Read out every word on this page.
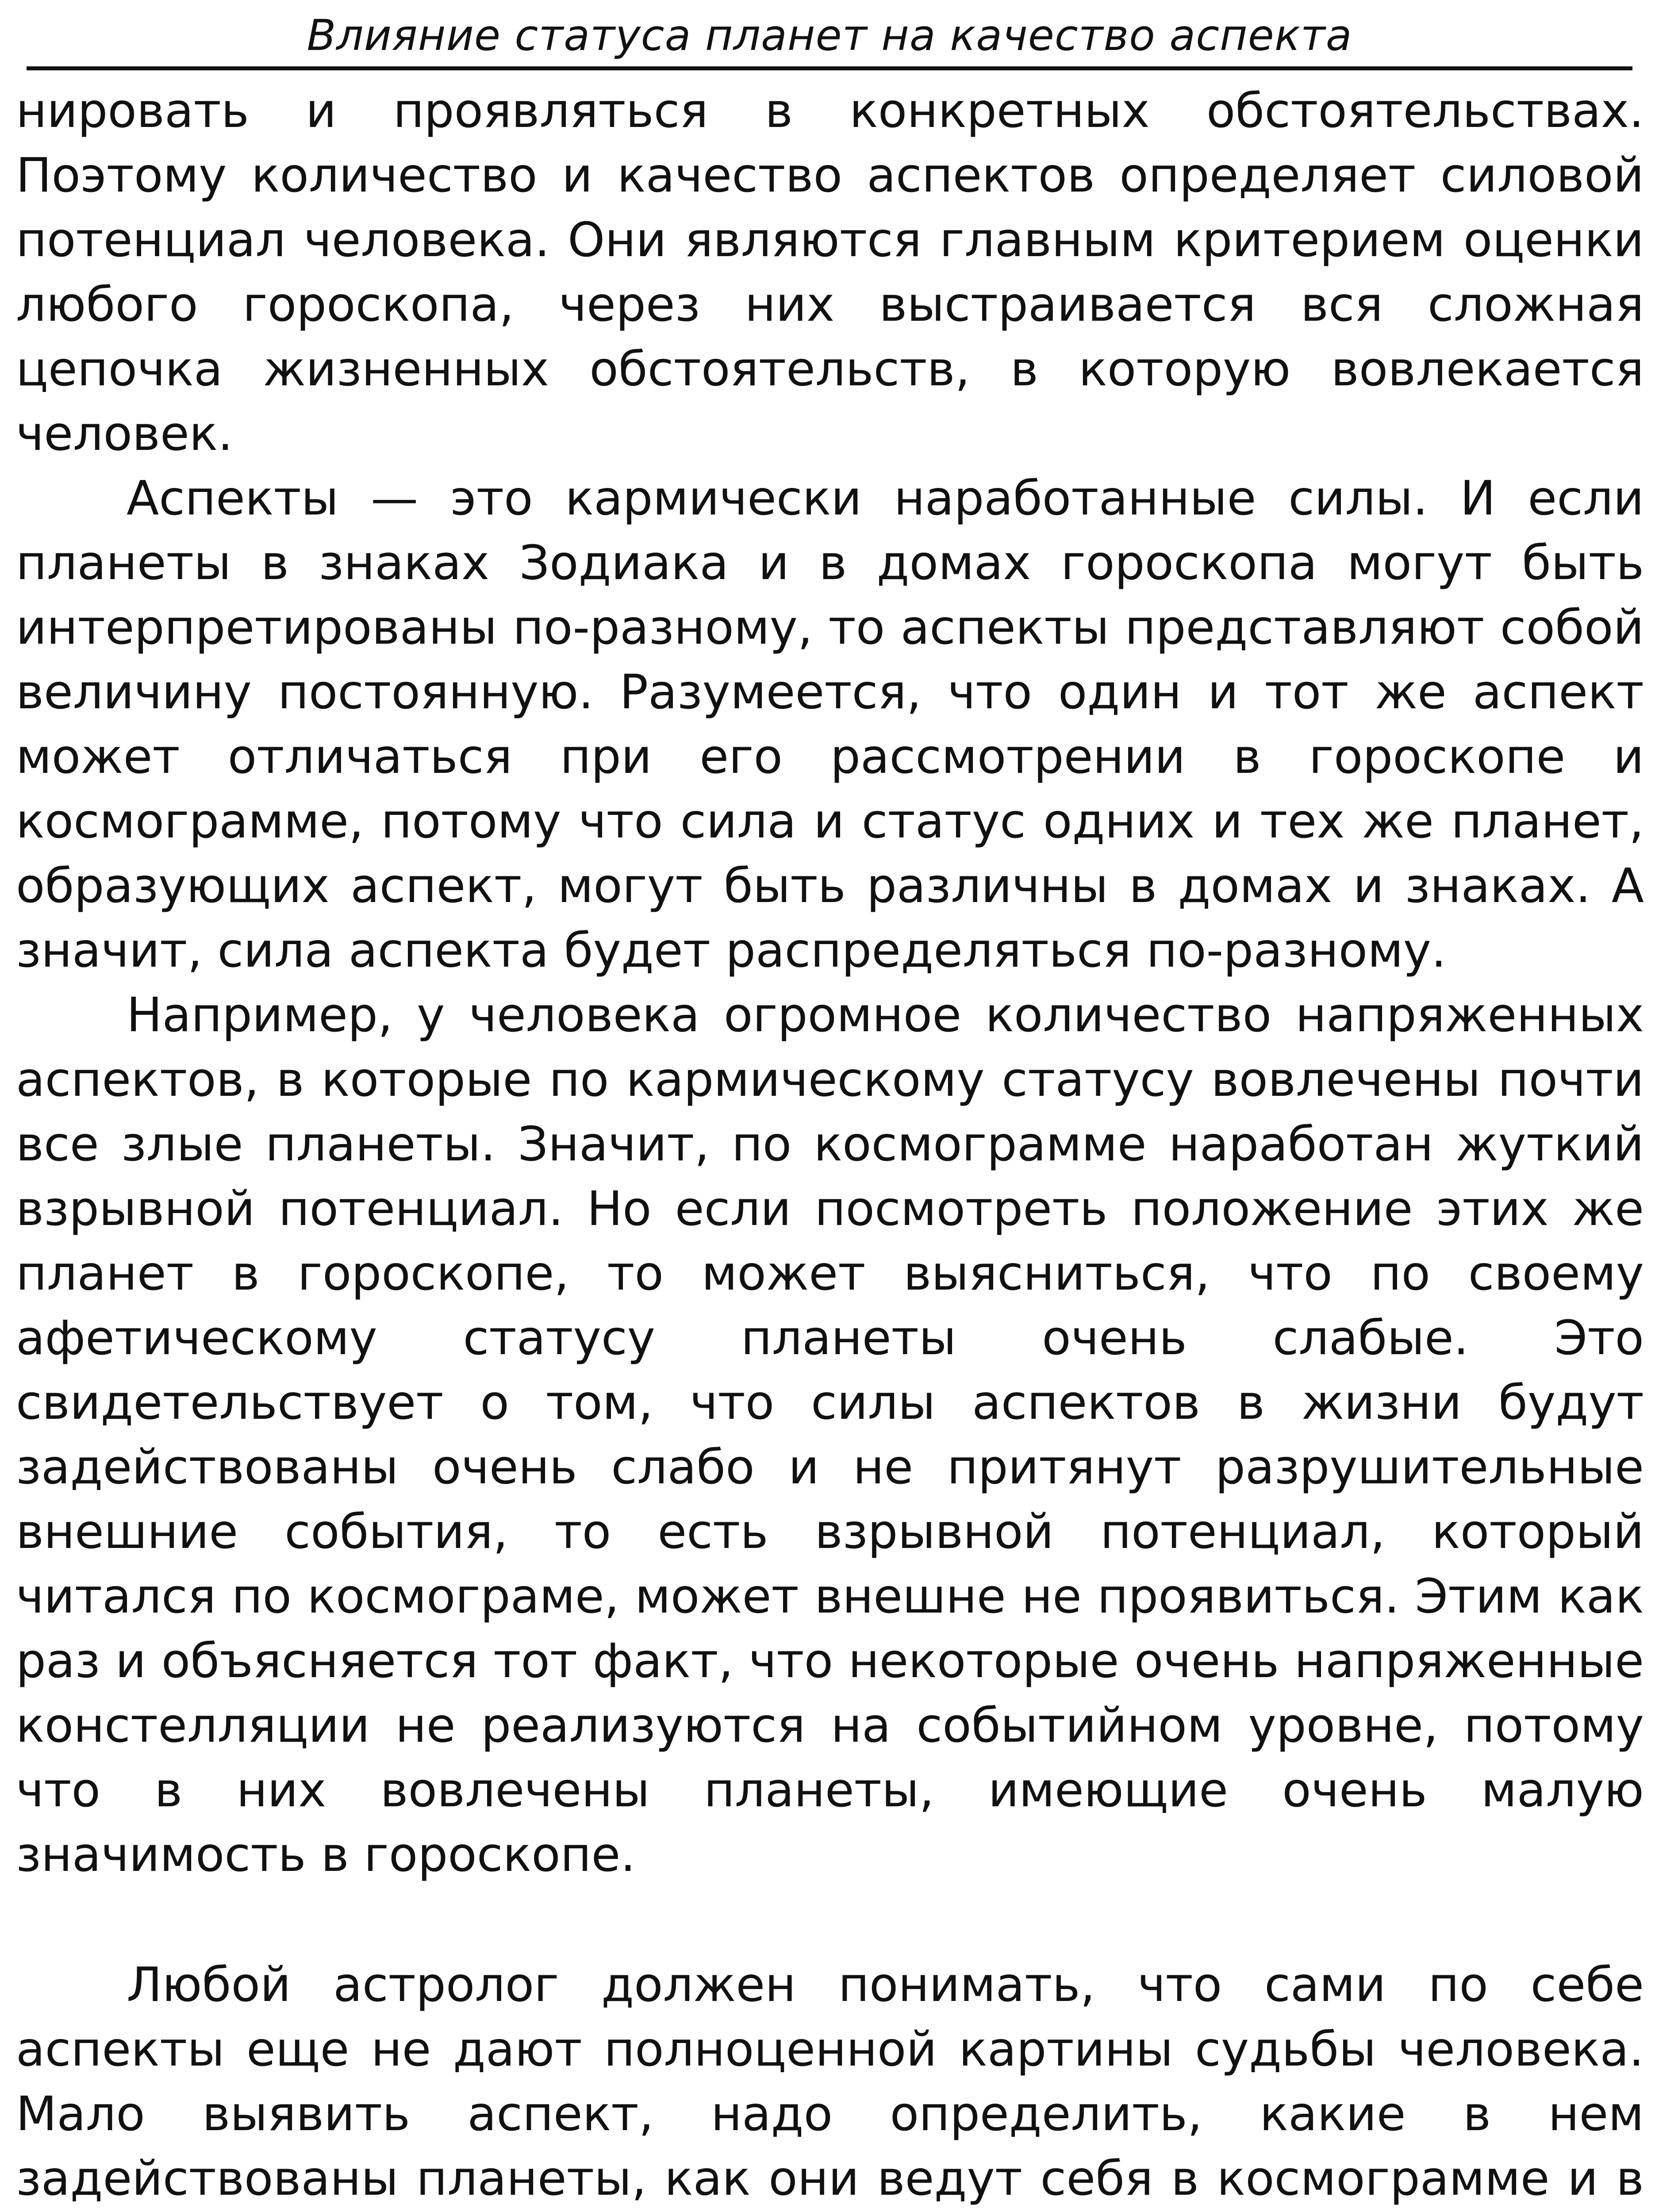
Влияние статуса планет на качество аспекта

нировать и проявляться в конкретных обстоятельствах. Поэтому количество и качество аспектов определяет силовой потенциал человека. Они являются главным критерием оценки любого гороскопа, через них выстраивается вся сложная цепочка жизненных обстоятельств, в которую вовлекается человек.

Аспекты — это кармически наработанные силы. И если планеты в знаках Зодиака и в домах гороскопа могут быть интерпретированы по-разному, то аспекты представляют собой величину постоянную. Разумеется, что один и тот же аспект может отличаться при его рассмотрении в гороскопе и космограмме, потому что сила и статус одних и тех же планет, образующих аспект, могут быть различны в домах и знаках. А значит, сила аспекта будет распределяться по-разному.

Например, у человека огромное количество напряженных аспектов, в которые по кармическому статусу вовлечены почти все злые планеты. Значит, по космограмме наработан жуткий взрывной потенциал. Но если посмотреть положение этих же планет в гороскопе, то может выясниться, что по своему афетическому статусу планеты очень слабые. Это свидетельствует о том, что силы аспектов в жизни будут задействованы очень слабо и не притянут разрушительные внешние события, то есть взрывной потенциал, который читался по космограме, может внешне не проявиться. Этим как раз и объясняется тот факт, что некоторые очень напряженные констелляции не реализуются на событийном уровне, потому что в них вовлечены планеты, имеющие очень малую значимость в гороскопе.

Любой астролог должен понимать, что сами по себе аспекты еще не дают полноценной картины судьбы человека. Мало выявить аспект, надо определить, какие в нем задействованы планеты, как они ведут себя в космограмме и в
